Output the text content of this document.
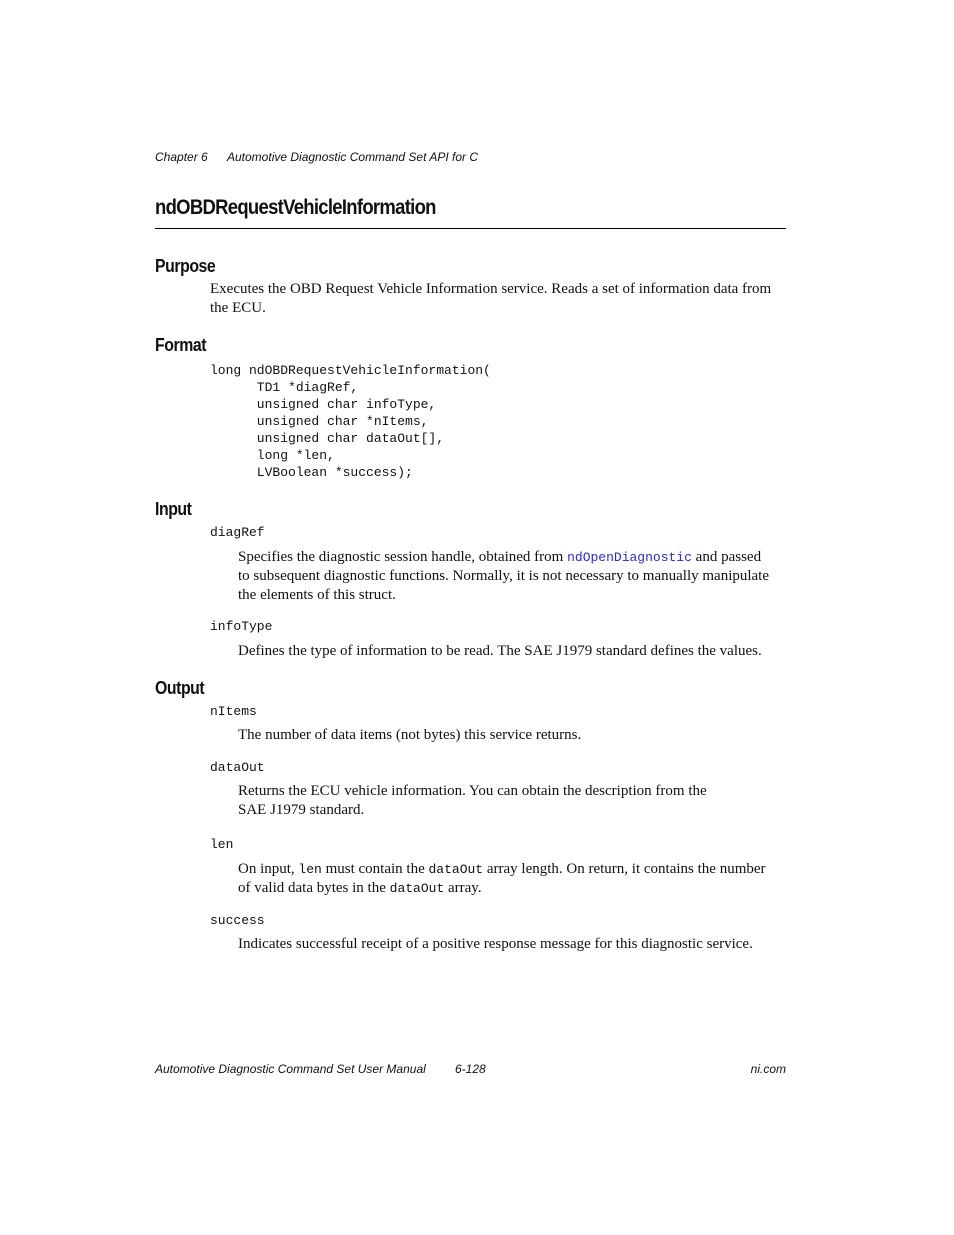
Chapter 6 Automotive Diagnostic Command Set API for C
ndOBDRequestVehicleInformation
Purpose
Executes the OBD Request Vehicle Information service. Reads a set of information data from
the ECU.
Format
long ndOBDRequestVehicleInformation(
TD1 *diagRef,
unsigned char infoType,
unsigned char *nItems,
unsigned char dataOut[],
long *len,
LVBoolean *success);
Input
diagRef
Specifies the diagnostic session handle, obtained from ndOpenDiagnostic and passed
to subsequent diagnostic functions. Normally, it is not necessary to manually manipulate
the elements of this struct.
infoType
Defines the type of information to be read. The SAE J1979 standard defines the values.
Output
nItems
The number of data items (not bytes) this service returns.
dataOut
Returns the ECU vehicle information. You can obtain the description from the
SAE J1979 standard.
len
On input, len must contain the dataOut array length. On return, it contains the number
of valid data bytes in the dataOut array.
success
Indicates successful receipt of a positive response message for this diagnostic service.
Automotive Diagnostic Command Set User Manual 6-128	ni.com
